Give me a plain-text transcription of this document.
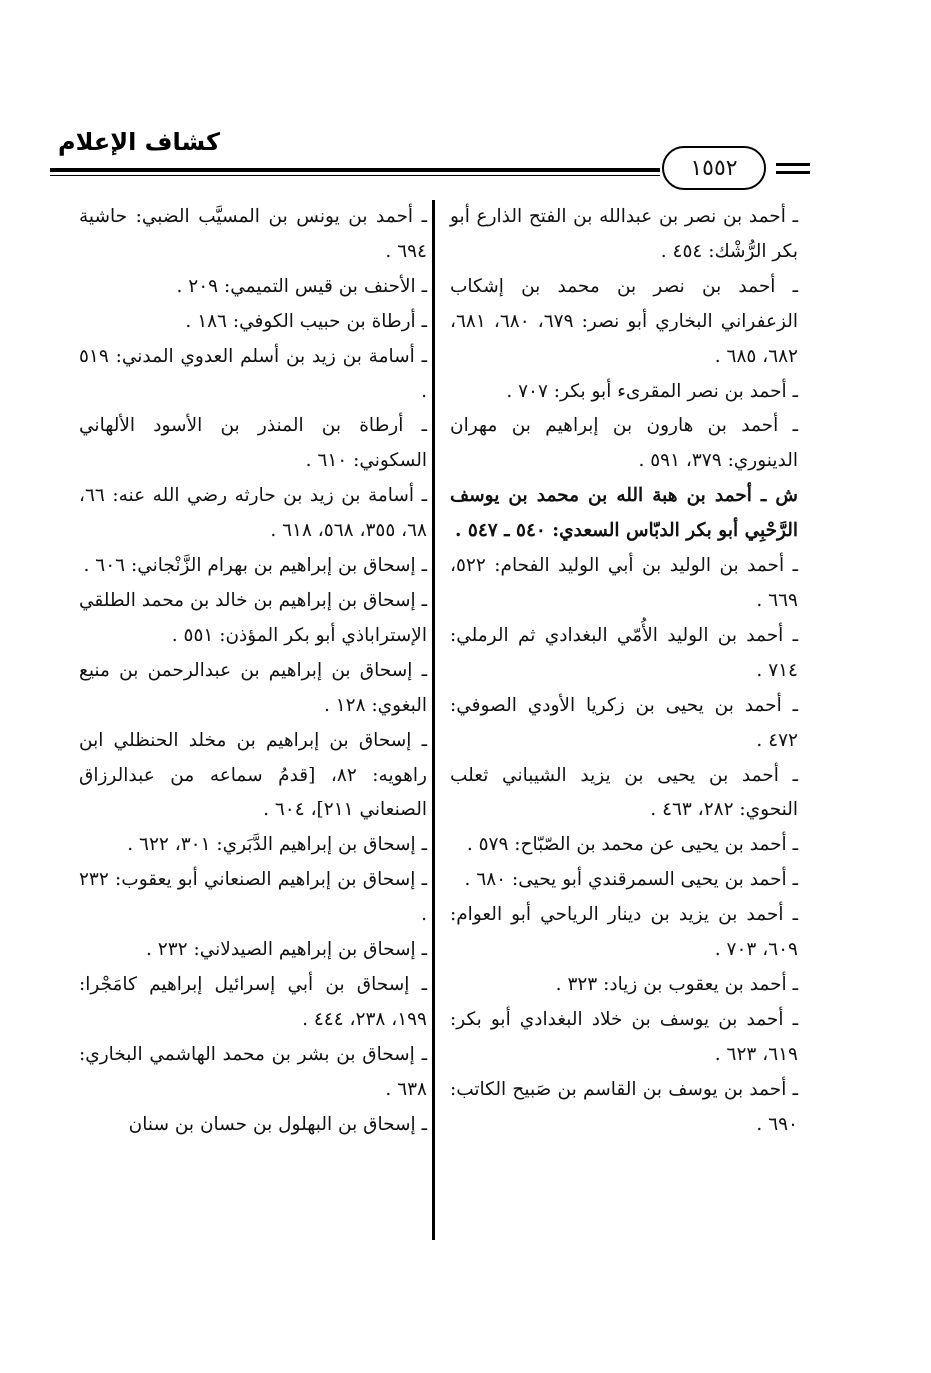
كشاف الإعلام
١٥٥٢

ـ أحمد بن نصر بن عبدالله بن الفتح الذارع أبو بكر الرُّشْك: ٤٥٤ .

ـ أحمد بن نصر بن محمد بن إشكاب الزعفراني البخاري أبو نصر: ٦٧٩، ٦٨٠، ٦٨١، ٦٨٢، ٦٨٥ .

ـ أحمد بن نصر المقرىء أبو بكر: ٧٠٧ .

ـ أحمد بن هارون بن إبراهيم بن مهران الدينوري: ٣٧٩، ٥٩١ .

ش ـ أحمد بن هبة الله بن محمد بن يوسف الرَّحْبِي أبو بكر الدبّاس السعدي: ٥٤٠ ـ ٥٤٧ .

ـ أحمد بن الوليد بن أبي الوليد الفحام: ٥٢٢، ٦٦٩ .

ـ أحمد بن الوليد الأُمّي البغدادي ثم الرملي: ٧١٤ .

ـ أحمد بن يحيى بن زكريا الأودي الصوفي: ٤٧٢ .

ـ أحمد بن يحيى بن يزيد الشيباني ثعلب النحوي: ٢٨٢، ٤٦٣ .

ـ أحمد بن يحيى عن محمد بن الصّبّاح: ٥٧٩ .

ـ أحمد بن يحيى السمرقندي أبو يحيى: ٦٨٠ .

ـ أحمد بن يزيد بن دينار الرياحي أبو العوام: ٦٠٩، ٧٠٣ .

ـ أحمد بن يعقوب بن زياد: ٣٢٣ .

ـ أحمد بن يوسف بن خلاد البغدادي أبو بكر: ٦١٩، ٦٢٣ .

ـ أحمد بن يوسف بن القاسم بن صَبيح الكاتب: ٦٩٠ .

ـ أحمد بن يونس بن المسيَّب الضبي: حاشية ٦٩٤ .

ـ الأحنف بن قيس التميمي: ٢٠٩ .

ـ أرطاة بن حبيب الكوفي: ١٨٦ .

ـ أسامة بن زيد بن أسلم العدوي المدني: ٥١٩ .

ـ أرطاة بن المنذر بن الأسود الألهاني السكوني: ٦١٠ .

ـ أسامة بن زيد بن حارثه رضي الله عنه: ٦٦، ٦٨، ٣٥٥، ٥٦٨، ٦١٨ .

ـ إسحاق بن إبراهيم بن بهرام الزَّنْجاني: ٦٠٦ .

ـ إسحاق بن إبراهيم بن خالد بن محمد الطلقي الإستراباذي أبو بكر المؤذن: ٥٥١ .

ـ إسحاق بن إبراهيم بن عبدالرحمن بن منيع البغوي: ١٢٨ .

ـ إسحاق بن إبراهيم بن مخلد الحنظلي ابن راهويه: ٨٢، [قدمُ سماعه من عبدالرزاق الصنعاني ٢١١]، ٦٠٤ .

ـ إسحاق بن إبراهيم الدَّبَري: ٣٠١، ٦٢٢ .

ـ إسحاق بن إبراهيم الصنعاني أبو يعقوب: ٢٣٢ .

ـ إسحاق بن إبراهيم الصيدلاني: ٢٣٢ .

ـ إسحاق بن أبي إسرائيل إبراهيم كامَجْرا: ١٩٩، ٢٣٨، ٤٤٤ .

ـ إسحاق بن بشر بن محمد الهاشمي البخاري: ٦٣٨ .

ـ إسحاق بن البهلول بن حسان بن سنان
